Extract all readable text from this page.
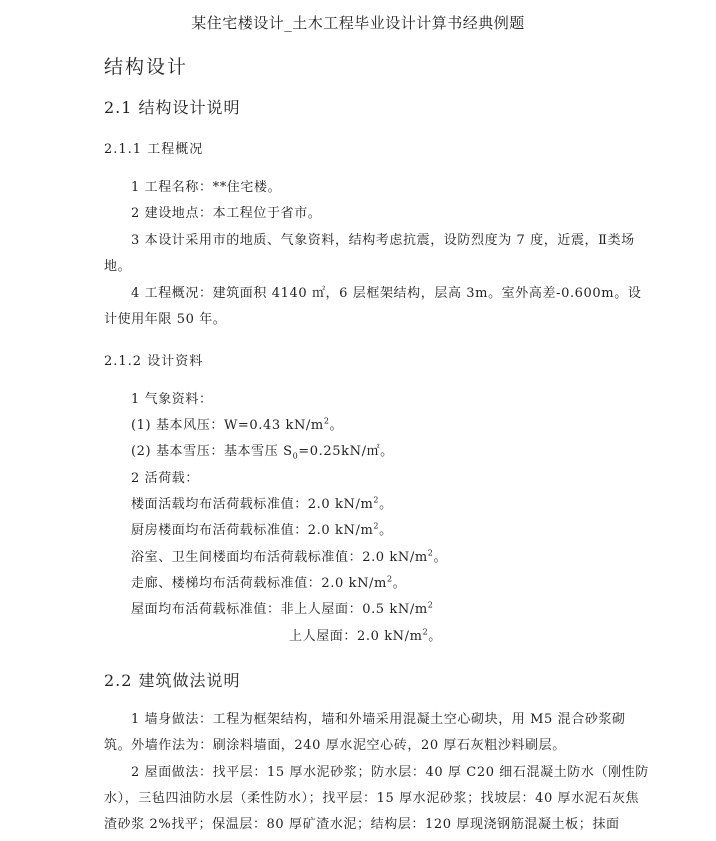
某住宅楼设计_土木工程毕业设计计算书经典例题
结构设计
2.1 结构设计说明
2.1.1 工程概况
1 工程名称：**住宅楼。
2 建设地点：本工程位于省市。
3 本设计采用市的地质、气象资料，结构考虑抗震，设防烈度为 7 度，近震，Ⅱ类场地。
4 工程概况：建筑面积 4140 ㎡，6 层框架结构，层高 3m。室外高差-0.600m。设计使用年限 50 年。
2.1.2 设计资料
1 气象资料：
(1) 基本风压：W=0.43 $kN/m^2$。
(2) 基本雪压：基本雪压 $S_0=0.25kN/㎡$。
2 活荷载：
楼面活载均布活荷载标准值：2.0 $kN/m^2$。
厨房楼面均布活荷载标准值：2.0 $kN/m^2$。
浴室、卫生间楼面均布活荷载标准值：2.0 $kN/m^2$。
走廊、楼梯均布活荷载标准值：2.0 $kN/m^2$。
屋面均布活荷载标准值：非上人屋面：0.5 $kN/m^2$
上人屋面：2.0 $kN/m^2$。
2.2 建筑做法说明
1 墙身做法：工程为框架结构，墙和外墙采用混凝土空心砌块，用 M5 混合砂浆砌筑。外墙作法为：刷涂料墙面，240 厚水泥空心砖，20 厚石灰粗沙料刷层。
2 屋面做法：找平层：15 厚水泥砂浆；防水层：40 厚 C20 细石混凝土防水（刚性防水），三毡四油防水层（柔性防水）；找平层：15 厚水泥砂浆；找坡层：40 厚水泥石灰焦渣砂浆 2%找平；保温层：80 厚矿渣水泥；结构层：120 厚现浇钢筋混凝土板；抹面
